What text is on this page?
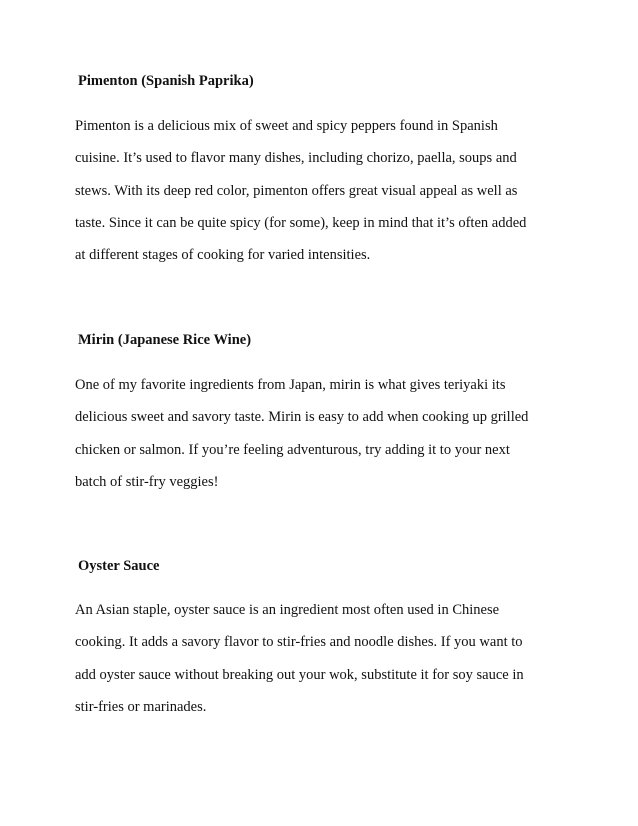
Pimenton (Spanish Paprika)

Pimenton is a delicious mix of sweet and spicy peppers found in Spanish
cuisine. It’s used to flavor many dishes, including chorizo, paella, soups and
stews. With its deep red color, pimenton offers great visual appeal as well as
taste. Since it can be quite spicy (for some), keep in mind that it’s often added
at different stages of cooking for varied intensities.

Mirin (Japanese Rice Wine)

One of my favorite ingredients from Japan, mirin is what gives teriyaki its
delicious sweet and savory taste. Mirin is easy to add when cooking up grilled
chicken or salmon. If you’re feeling adventurous, try adding it to your next
batch of stir-fry veggies!

Oyster Sauce

An Asian staple, oyster sauce is an ingredient most often used in Chinese
cooking. It adds a savory flavor to stir-fries and noodle dishes. If you want to
add oyster sauce without breaking out your wok, substitute it for soy sauce in
stir-fries or marinades.
